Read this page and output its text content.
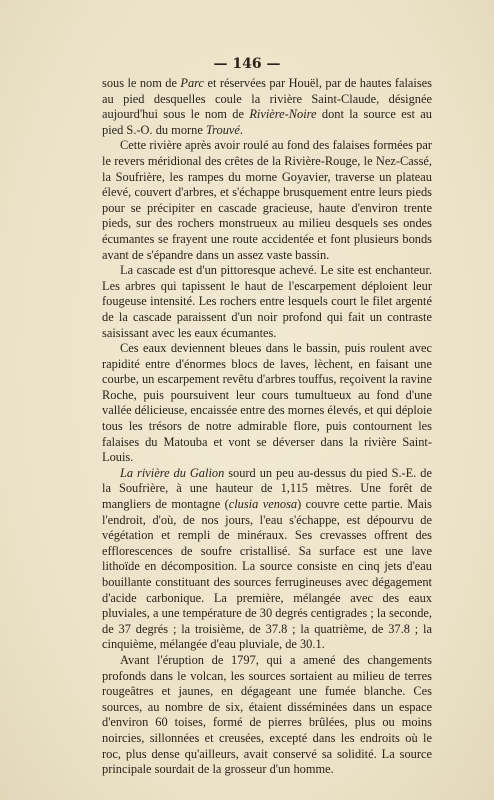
— 146 —

sous le nom de Parc et réservées par Houël, par de hautes falaises au pied desquelles coule la rivière Saint-Claude, désignée aujourd'hui sous le nom de Rivière-Noire dont la source est au pied S.-O. du morne Trouvé.

Cette rivière après avoir roulé au fond des falaises formées par le revers méridional des crêtes de la Rivière-Rouge, le Nez-Cassé, la Soufrière, les rampes du morne Goyavier, traverse un plateau élevé, couvert d'arbres, et s'échappe brusquement entre leurs pieds pour se précipiter en cascade gracieuse, haute d'environ trente pieds, sur des rochers monstrueux au milieu desquels ses ondes écumantes se frayent une route accidentée et font plusieurs bonds avant de s'épandre dans un assez vaste bassin.

La cascade est d'un pittoresque achevé. Le site est enchanteur. Les arbres qui tapissent le haut de l'escarpement déploient leur fougeuse intensité. Les rochers entre lesquels court le filet argenté de la cascade paraissent d'un noir profond qui fait un contraste saisissant avec les eaux écumantes.

Ces eaux deviennent bleues dans le bassin, puis roulent avec rapidité entre d'énormes blocs de laves, lèchent, en faisant une courbe, un escarpement revêtu d'arbres touffus, reçoivent la ravine Roche, puis poursuivent leur cours tumultueux au fond d'une vallée délicieuse, encaissée entre des mornes élevés, et qui déploie tous les trésors de notre admirable flore, puis contournent les falaises du Matouba et vont se déverser dans la rivière Saint-Louis.

La rivière du Galion sourd un peu au-dessus du pied S.-E. de la Soufrière, à une hauteur de 1,115 mètres. Une forêt de mangliers de montagne (clusia venosa) couvre cette partie. Mais l'endroit, d'où, de nos jours, l'eau s'échappe, est dépourvu de végétation et rempli de minéraux. Ses crevasses offrent des efflorescences de soufre cristallisé. Sa surface est une lave lithoïde en décomposition. La source consiste en cinq jets d'eau bouillante constituant des sources ferrugineuses avec dégagement d'acide carbonique. La première, mélangée avec des eaux pluviales, a une température de 30 degrés centigrades ; la seconde, de 37 degrés ; la troisième, de 37.8 ; la quatrième, de 37.8 ; la cinquième, mélangée d'eau pluviale, de 30.1.

Avant l'éruption de 1797, qui a amené des changements profonds dans le volcan, les sources sortaient au milieu de terres rougeâtres et jaunes, en dégageant une fumée blanche. Ces sources, au nombre de six, étaient disséminées dans un espace d'environ 60 toises, formé de pierres brûlées, plus ou moins noircies, sillonnées et creusées, excepté dans les endroits où le roc, plus dense qu'ailleurs, avait conservé sa solidité. La source principale sourdait de la grosseur d'un homme.
